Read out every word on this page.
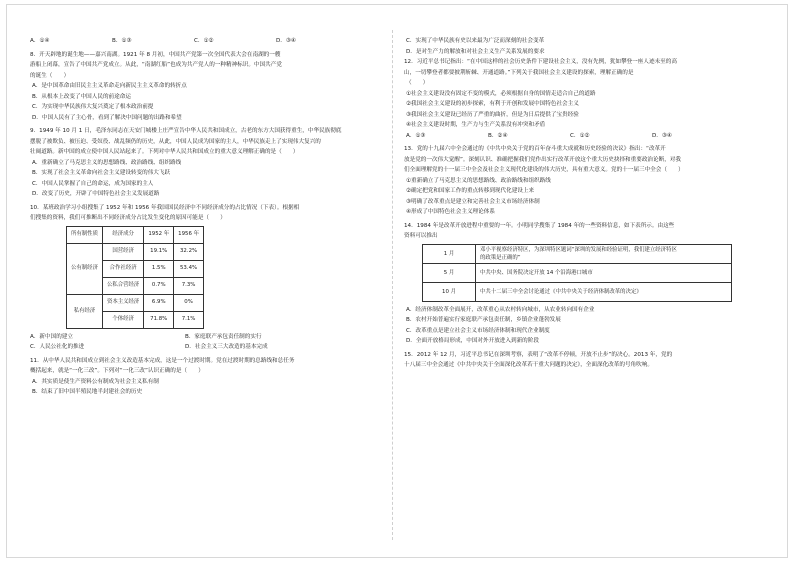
A．①④	B．①③	C．①②	D．③④
8．开天辟地的诞生地——嘉兴南湖。1921 年 8 月初，中国共产党第一次全国代表大会在南湖的一艘
游船上闭幕，宣告了中国共产党成立。从此，“南湖红船”也成为共产党人的一种精神标识。中国共产党
的诞生（　　）
A．是中国革命由旧民主主义革命走向新民主主义革命的转折点
B．从根本上改变了中国人民的前途命运
C．为实现中华民族伟大复兴奠定了根本政治前提
D．中国人民有了主心骨，看到了解决中国问题的出路和希望
9．1949 年 10 月 1 日，毛泽东同志在天安门城楼上庄严宣告中华人民共和国成立，古老的东方大国获得重生，中华民族彻底
摆脱了被欺负、被压迫、受奴役、战乱频仍的历史，从此，中国人民成为国家的主人，中华民族走上了实现伟大复兴的
壮阔道路。新中国的成立使中国人民站起来了。下列对中华人民共和国成立的重大意义理解正确的是（　　）
A．重新确立了马克思主义的思想路线、政治路线、组织路线
B．实现了社会主义革命向社会主义建设转变的伟大飞跃
C．中国人民掌握了自己的命运，成为国家的主人
D．改变了历史，开辟了中国特色社会主义发展道路
10．某班政治学习小组搜集了 1952 年和 1956 年我国国民经济中不同经济成分的占比情况（下表）。根据相
们搜集的资料，我们可推断出不同经济成分占比发生变化的原因可能是（　　）
所有制性质	经济成分	1952 年	1956 年
公有制经济	国营经济	19.1%	32.2%
	合作社经济	1.5%	53.4%
	公私合营经济	0.7%	7.3%
私有经济	资本主义经济	6.9%	0%
	个体经济	71.8%	7.1%
A．新中国的建立	B．家庭联产承包责任制的实行
C．人民公社化的推进	D．社会主义三大改造的基本完成
11．从中华人民共和国成立到社会主义改造基本完成，这是一个过渡时期。党在过渡时期的总路线和总任务
概括起来，就是“一化三改”。下列对“一化三改”认识正确的是（　　）
A．其实质是使生产资料公有制成为社会主义私有制
B．结束了旧中国半殖民地半封建社会的历史
C．实现了中华民族有史以来最为广泛而深刻的社会变革
D．是对生产力的解放和对社会主义生产关系发展的要求
12．习近平总书记指出：“在中国这样的社会历史条件下建设社会主义，没有先例，犹如攀登一座人迹未至的高
山，一切攀登者都要披荆斩棘、开通道路。”下列关于我国社会主义建设的探索，理解正确的是
（　　）
①社会主义建设没有固定不变的模式，必须根据自身的国情走适合自己的道路
②我国社会主义建设的初步探索，有利于开创和发展中国特色社会主义
③我国社会主义建设已经历了严重的曲折，但是为日后提供了宝贵经验
④社会主义建设时期，生产力与生产关系没有冲突和矛盾
A．①③	B．②④	C．①②	D．③④
13．党的十九届六中全会通过的《中共中央关于党的百年奋斗重大成就和历史经验的决议》指出：“改革开
放是党的一次伟大觉醒”。深刻认识、准确把握我们党作出实行改革开放这个重大历史抉择和重要政治论断，对我
们全面理解党的十一届三中全会及社会主义现代化建设的伟大历史，具有重大意义。党的十一届三中全会（　　）
①重新确立了马克思主义的思想路线、政治路线和组织路线
②确定把党和国家工作的重点转移到现代化建设上来
③明确了改革重点是建立和完善社会主义市场经济体制
④形成了中国特色社会主义理论体系
14．1984 年是改革开放进程中重要的一年。小明同学搜集了 1984 年的一些资料信息，如下表所示。由这些
资料可以推出
1 月	邓小平视察经济特区，为深圳特区题词“深圳的发展和经验证明，我们建立经济特区
的政策是正确的”

5 月	中共中央、国务院决定开放 14 个沿海港口城市

10 月	中共十二届三中全会讨论通过《中共中央关于经济体制改革的决定》
A．经济体制改革全面展开，改革重心从农村转向城市，从农业转向国有企业
B．农村开始普遍实行家庭联产承包责任制，乡镇企业蓬勃发展
C．改革重点是建立社会主义市场经济体制和现代企业制度
D．全面开放格局形成，中国对外开放进入到新的阶段
15．2012 年 12 月，习近平总书记在深圳考察，表明了“改革不停顿，开放不止步”的决心。2013 年，党的
十八届三中全会通过《中共中央关于全面深化改革若干重大问题的决定》，全面深化改革的号角吹响。
